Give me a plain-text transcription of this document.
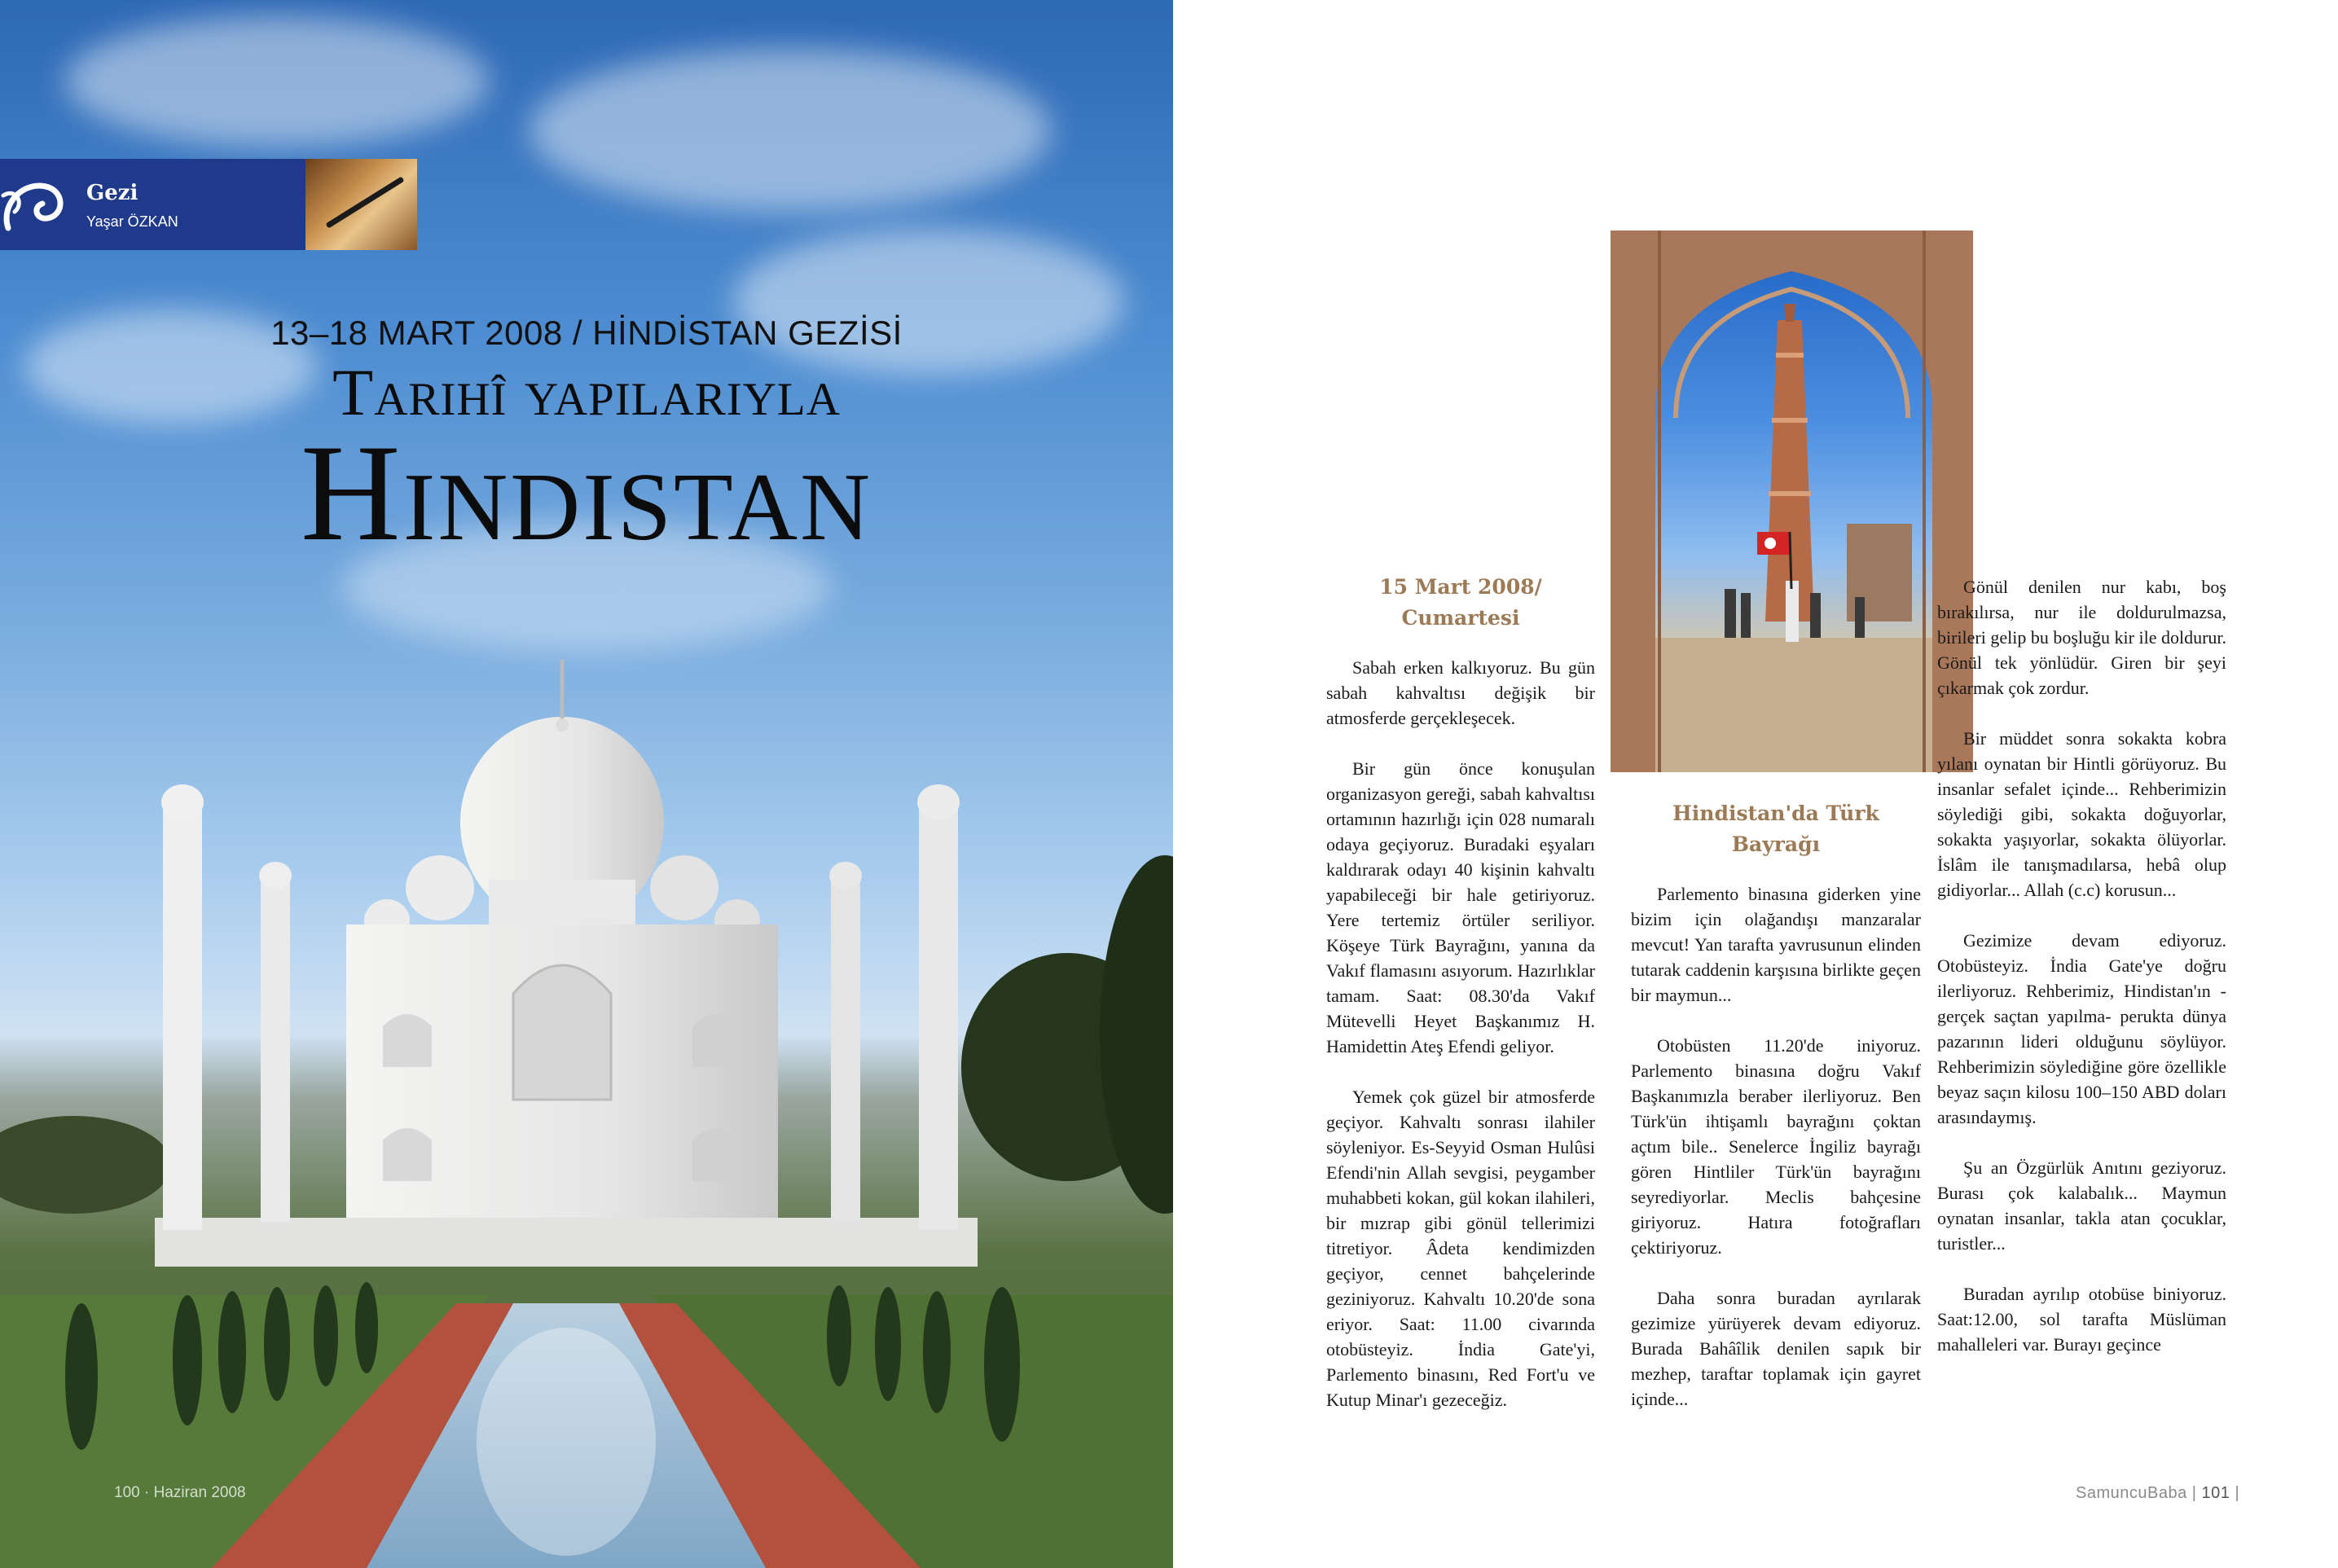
Gezi
Yaşar ÖZKAN
13–18 MART 2008 / HİNDİSTAN GEZİSİ
Tarihî yapılarıyla
Hindistan
100 · Haziran 2008
15 Mart 2008/ Cumartesi

Sabah erken kalkıyoruz. Bu gün sabah kahvaltısı değişik bir atmosferde gerçekleşecek.

Bir gün önce konuşulan organizasyon gereği, sabah kahvaltısı ortamının hazırlığı için 028 numaralı odaya geçiyoruz. Buradaki eşyaları kaldırarak odayı 40 kişinin kahvaltı yapabileceği bir hale getiriyoruz. Yere tertemiz örtüler seriliyor. Köşeye Türk Bayrağını, yanına da Vakıf flamasını asıyorum. Hazırlıklar tamam. Saat: 08.30'da Vakıf Mütevelli Heyet Başkanımız H. Hamidettin Ateş Efendi geliyor.

Yemek çok güzel bir atmosferde geçiyor. Kahvaltı sonrası ilahiler söyleniyor. Es-Seyyid Osman Hulûsi Efendi'nin Allah sevgisi, peygamber muhabbeti kokan, gül kokan ilahileri, bir mızrap gibi gönül tellerimizi titretiyor. Âdeta kendimizden geçiyor, cennet bahçelerinde geziniyoruz. Kahvaltı 10.20'de sona eriyor. Saat: 11.00 civarında otobüsteyiz. İndia Gate'yi, Parlemento binasını, Red Fort'u ve Kutup Minar'ı gezeceğiz.

Hindistan'da Türk Bayrağı

Parlemento binasına giderken yine bizim için olağandışı manzaralar mevcut! Yan tarafta yavrusunun elinden tutarak caddenin karşısına birlikte geçen bir maymun...

Otobüsten 11.20'de iniyoruz. Parlemento binasına doğru Vakıf Başkanımızla beraber ilerliyoruz. Ben Türk'ün ihtişamlı bayrağını çoktan açtım bile.. Senelerce İngiliz bayrağı gören Hintliler Türk'ün bayrağını seyrediyorlar. Meclis bahçesine giriyoruz. Hatıra fotoğrafları çektiriyoruz.

Daha sonra buradan ayrılarak gezimize yürüyerek devam ediyoruz. Burada Bahâîlik denilen sapık bir mezhep, taraftar toplamak için gayret içinde...

Gönül denilen nur kabı, boş bırakılırsa, nur ile doldurulmazsa, birileri gelip bu boşluğu kir ile doldurur. Gönül tek yönlüdür. Giren bir şeyi çıkarmak çok zordur.

Bir müddet sonra sokakta kobra yılanı oynatan bir Hintli görüyoruz. Bu insanlar sefalet içinde... Rehberimizin söylediği gibi, sokakta doğuyorlar, sokakta yaşıyorlar, sokakta ölüyorlar. İslâm ile tanışmadılarsa, hebâ olup gidiyorlar... Allah (c.c) korusun...

Gezimize devam ediyoruz. Otobüsteyiz. İndia Gate'ye doğru ilerliyoruz. Rehberimiz, Hindistan'ın -gerçek saçtan yapılma- perukta dünya pazarının lideri olduğunu söylüyor. Rehberimizin söylediğine göre özellikle beyaz saçın kilosu 100–150 ABD doları arasındaymış.

Şu an Özgürlük Anıtını geziyoruz. Burası çok kalabalık... Maymun oynatan insanlar, takla atan çocuklar, turistler...

Buradan ayrılıp otobüse biniyoruz. Saat:12.00, sol tarafta Müslüman mahalleleri var. Burayı geçince

SamuncuBaba | 101 |
